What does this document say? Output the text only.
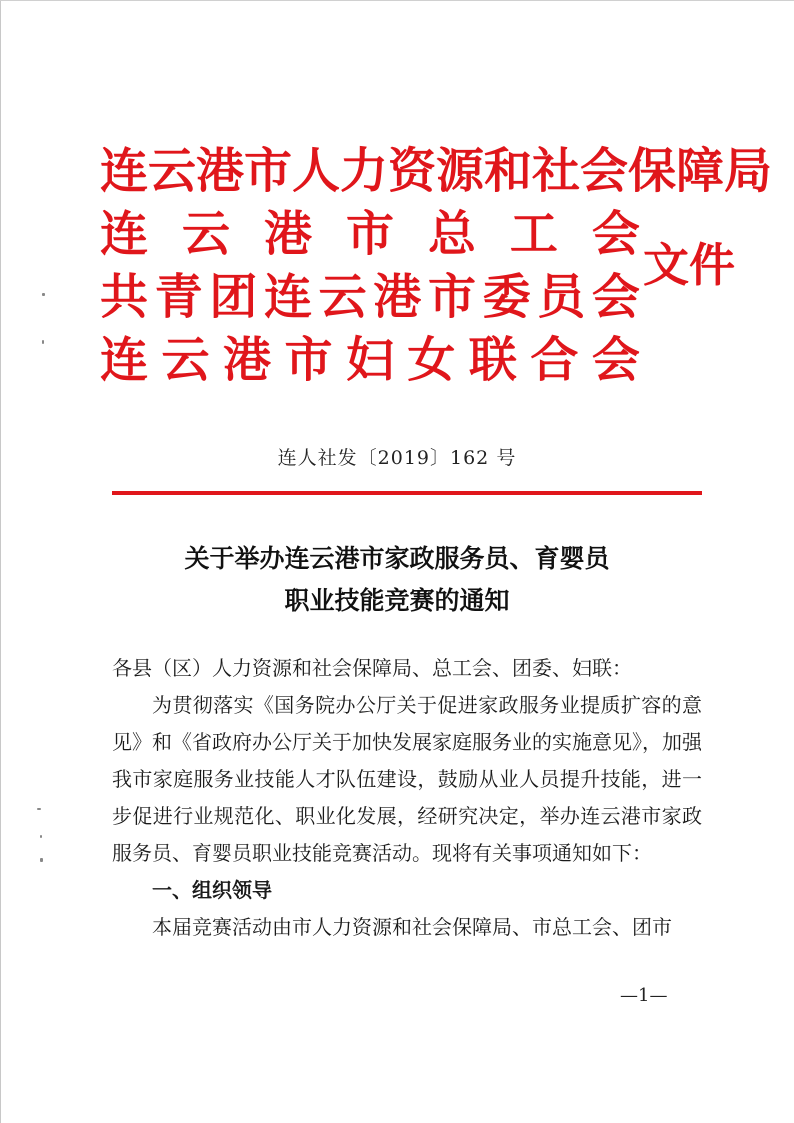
连云港市人力资源和社会保障局
连 云 港 市 总 工 会
共 青 团 连 云 港 市 委 员 会
连 云 港 市 妇 女 联 合 会
文件
连人社发〔2019〕162 号
关于举办连云港市家政服务员、育婴员
职业技能竞赛的通知

各县（区）人力资源和社会保障局、总工会、团委、妇联：

为贯彻落实《国务院办公厅关于促进家政服务业提质扩容的意见》和《省政府办公厅关于加快发展家庭服务业的实施意见》，加强我市家庭服务业技能人才队伍建设，鼓励从业人员提升技能，进一步促进行业规范化、职业化发展，经研究决定，举办连云港市家政服务员、育婴员职业技能竞赛活动。现将有关事项通知如下：

一、组织领导

本届竞赛活动由市人力资源和社会保障局、市总工会、团市

—1—
